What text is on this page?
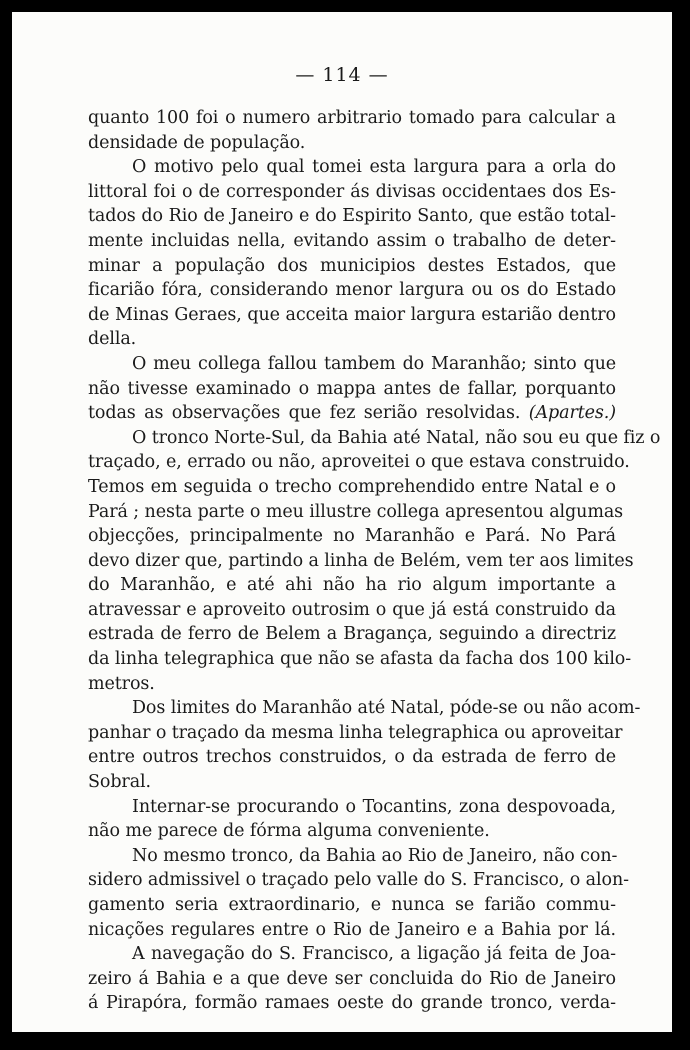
— 114 —
quanto 100 foi o numero arbitrario tomado para calcular a
densidade de população.
O motivo pelo qual tomei esta largura para a orla do
littoral foi o de corresponder ás divisas occidentaes dos Es-
tados do Rio de Janeiro e do Espirito Santo, que estão total-
mente incluidas nella, evitando assim o trabalho de deter-
minar a população dos municipios destes Estados, que
ficarião fóra, considerando menor largura ou os do Estado
de Minas Geraes, que acceita maior largura estarião dentro
della.
O meu collega fallou tambem do Maranhão; sinto que
não tivesse examinado o mappa antes de fallar, porquanto
todas as observações que fez serião resolvidas. (Apartes.)
O tronco Norte-Sul, da Bahia até Natal, não sou eu que fiz o
traçado, e, errado ou não, aproveitei o que estava construido.
Temos em seguida o trecho comprehendido entre Natal e o
Pará ; nesta parte o meu illustre collega apresentou algumas
objecções, principalmente no Maranhão e Pará. No Pará
devo dizer que, partindo a linha de Belém, vem ter aos limites
do Maranhão, e até ahi não ha rio algum importante a
atravessar e aproveito outrosim o que já está construido da
estrada de ferro de Belem a Bragança, seguindo a directriz
da linha telegraphica que não se afasta da facha dos 100 kilo-
metros.
Dos limites do Maranhão até Natal, póde-se ou não acom-
panhar o traçado da mesma linha telegraphica ou aproveitar
entre outros trechos construidos, o da estrada de ferro de
Sobral.
Internar-se procurando o Tocantins, zona despovoada,
não me parece de fórma alguma conveniente.
No mesmo tronco, da Bahia ao Rio de Janeiro, não con-
sidero admissivel o traçado pelo valle do S. Francisco, o alon-
gamento seria extraordinario, e nunca se farião commu-
nicações regulares entre o Rio de Janeiro e a Bahia por lá.
A navegação do S. Francisco, a ligação já feita de Joa-
zeiro á Bahia e a que deve ser concluida do Rio de Janeiro
á Pirapóra, formão ramaes oeste do grande tronco, verda-
